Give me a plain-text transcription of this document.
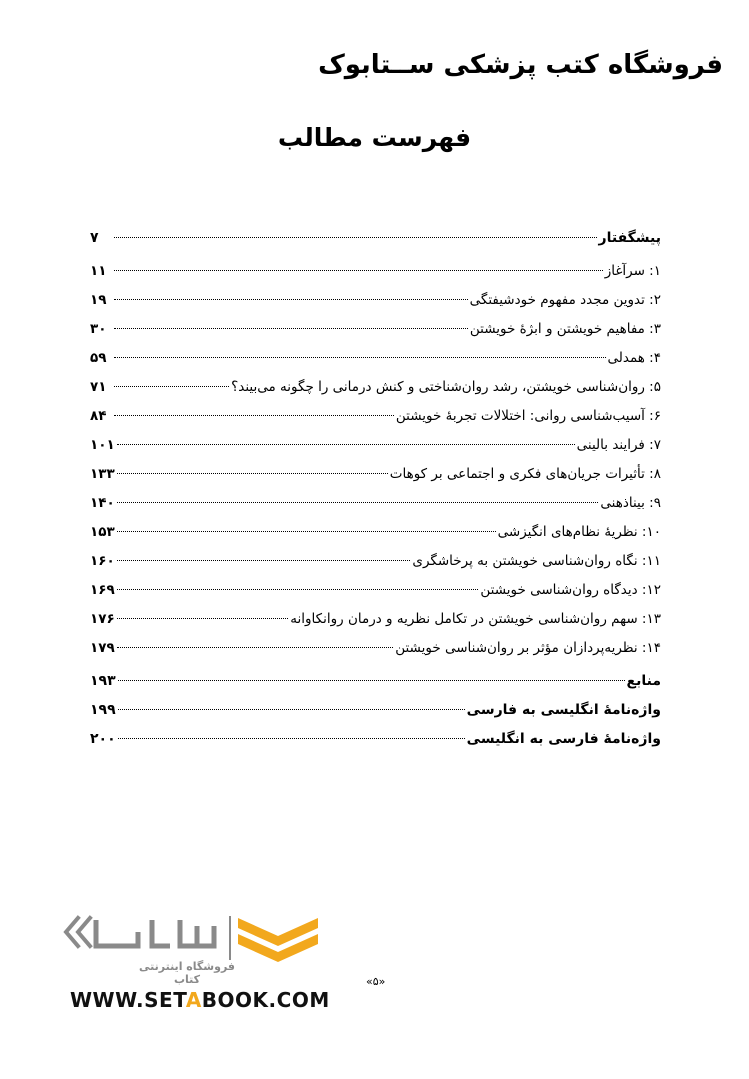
فروشگاه کتب پزشکی ســتابوک
فهرست مطالب
پیشگفتار
۷
۱: سرآغاز
۱۱
۲: تدوین مجدد مفهوم خودشیفتگی
۱۹
۳: مفاهیم خویشتن و ابژهٔ خویشتن
۳۰
۴: همدلی
۵۹
۵: روان‌شناسی خویشتن، رشد روان‌شناختی و کنش درمانی را چگونه می‌بیند؟
۷۱
۶: آسیب‌شناسی روانی: اختلالات تجربهٔ خویشتن
۸۴
۷: فرایند بالینی
۱۰۱
۸: تأثیرات جریان‌های فکری و اجتماعی بر کوهات
۱۳۳
۹: بیناذهنی
۱۴۰
۱۰: نظریهٔ نظام‌های انگیزشی
۱۵۳
۱۱: نگاه روان‌شناسی خویشتن به پرخاشگری
۱۶۰
۱۲: دیدگاه روان‌شناسی خویشتن
۱۶۹
۱۳: سهم روان‌شناسی خویشتن در تکامل نظریه و درمان روانکاوانه
۱۷۶
۱۴: نظریه‌پردازان مؤثر بر روان‌شناسی خویشتن
۱۷۹
منابع
۱۹۳
واژه‌نامهٔ انگلیسی به فارسی
۱۹۹
واژه‌نامهٔ فارسی به انگلیسی
۲۰۰
فروشگاه اینترنتی کتاب
WWW.SETABOOK.COM
«۵»
